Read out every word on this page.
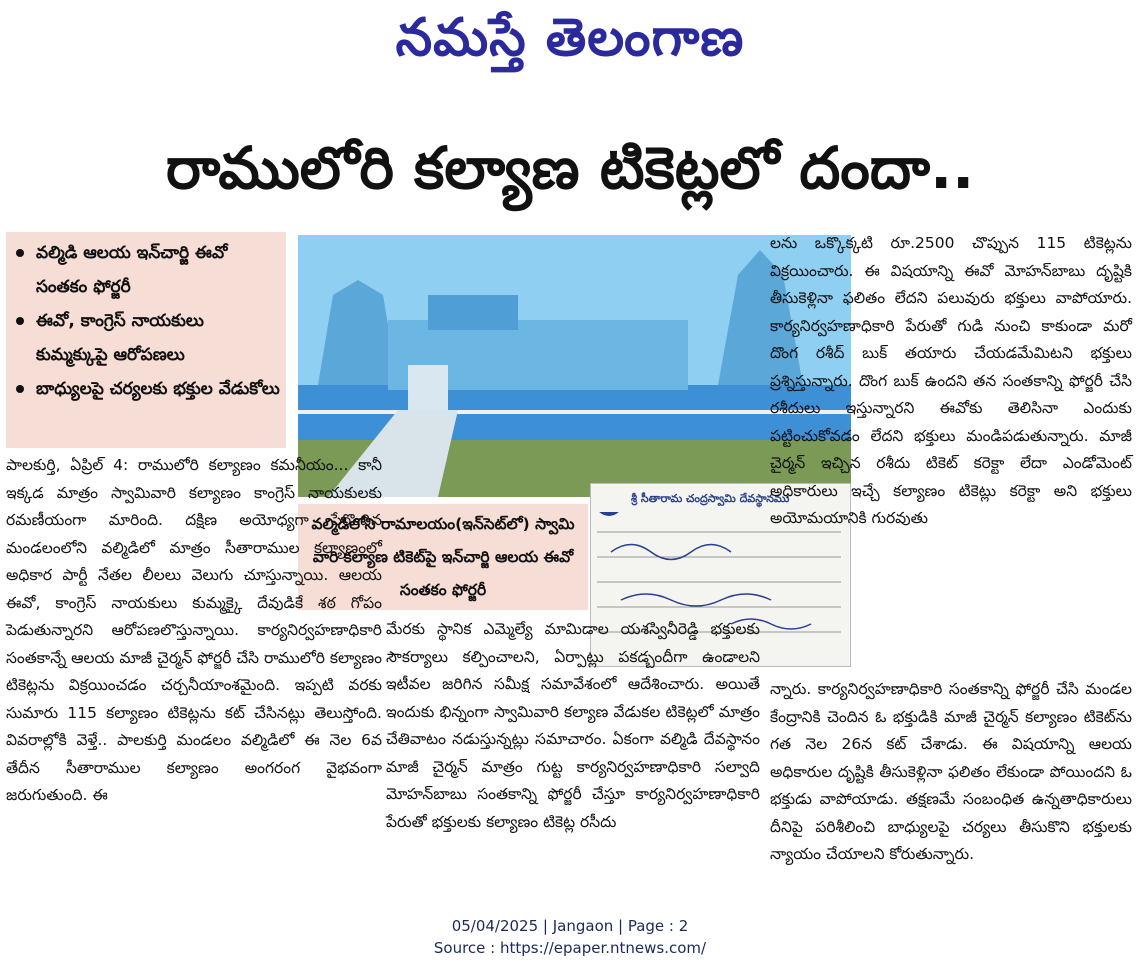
నమస్తే తెలంగాణ
రాములోరి కల్యాణ టికెట్లలో దందా..
వల్మిడి ఆలయ ఇన్‌చార్జి ఈవో సంతకం ఫోర్జరీ
ఈవో, కాంగ్రెస్ నాయకులు కుమ్మక్కుపై ఆరోపణలు
బాధ్యులపై చర్యలకు భక్తుల వేడుకోలు
వల్మిడిలోని రామాలయం(ఇన్‌సెట్‌లో) స్వామి వారి కల్యాణ టికెట్‌పై ఇన్‌చార్జి ఆలయ ఈవో సంతకం ఫోర్జరీ
శ్రీ సీతారామ చంద్రస్వామి దేవస్థానము
పాలకుర్తి, ఏప్రిల్ 4: రాములోరి కల్యాణం కమనీయం... కానీ ఇక్కడ మాత్రం స్వామివారి కల్యాణం కాంగ్రెస్ నాయకులకు రమణీయంగా మారింది. దక్షిణ అయోధ్యగా పేరొందిన మండలంలోని వల్మిడిలో మాత్రం సీతారాముల కల్యాణంలో అధికార పార్టీ నేతల లీలలు వెలుగు చూస్తున్నాయి. ఆలయ ఈవో, కాంగ్రెస్ నాయకులు కుమ్మక్కై దేవుడికే శఠ గోపం పెడుతున్నారని ఆరోపణలొస్తున్నాయి. కార్యనిర్వహణాధికారి సంతకాన్నే ఆలయ మాజీ చైర్మన్ ఫోర్జరీ చేసి రాములోరి కల్యాణం టికెట్లను విక్రయించడం చర్చనీయాంశమైంది. ఇప్పటి వరకు సుమారు 115 కల్యాణం టికెట్లను కట్ చేసినట్లు తెలుస్తోంది. వివరాల్లోకి వెళ్తే.. పాలకుర్తి మండలం వల్మిడిలో ఈ నెల 6వ తేదీన సీతారాముల కల్యాణం అంగరంగ వైభవంగా జరుగుతుంది. ఈ
మేరకు స్థానిక ఎమ్మెల్యే మామిడాల యశస్వినీరెడ్డి భక్తులకు సౌకర్యాలు కల్పించాలని, ఏర్పాట్లు పకడ్బందీగా ఉండాలని ఇటీవల జరిగిన సమీక్ష సమావేశంలో ఆదేశించారు. అయితే ఇందుకు భిన్నంగా స్వామివారి కల్యాణ వేడుకల టికెట్లలో మాత్రం చేతివాటం నడుస్తున్నట్లు సమాచారం. ఏకంగా వల్మిడి దేవస్థానం మాజీ చైర్మన్ మాత్రం గుట్ట కార్యనిర్వహణాధికారి సల్వాది మోహన్‌బాబు సంతకాన్ని ఫోర్జరీ చేస్తూ కార్యనిర్వహణాధికారి పేరుతో భక్తులకు కల్యాణం టికెట్ల రసీదు
లను ఒక్కొక్కటి రూ.2500 చొప్పున 115 టికెట్లను విక్రయించారు. ఈ విషయాన్ని ఈవో మోహన్‌బాబు దృష్టికి తీసుకెళ్లినా ఫలితం లేదని పలువురు భక్తులు వాపోయారు. కార్యనిర్వహణాధికారి పేరుతో గుడి నుంచి కాకుండా మరో దొంగ రశీద్ బుక్ తయారు చేయడమేమిటని భక్తులు ప్రశ్నిస్తున్నారు. దొంగ బుక్ ఉందని తన సంతకాన్ని ఫోర్జరీ చేసి రశీదులు ఇస్తున్నారని ఈవోకు తెలిసినా ఎందుకు పట్టించుకోవడం లేదని భక్తులు మండిపడుతున్నారు. మాజీ చైర్మన్ ఇచ్చిన రశీదు టికెట్ కరెక్టా లేదా ఎండోమెంట్ అధికారులు ఇచ్చే కల్యాణం టికెట్లు కరెక్టా అని భక్తులు అయోమయానికి గురవుతు
న్నారు. కార్యనిర్వహణాధికారి సంతకాన్ని ఫోర్జరీ చేసి మండల కేంద్రానికి చెందిన ఓ భక్తుడికి మాజీ చైర్మన్ కల్యాణం టికెట్‌ను గత నెల 26న కట్ చేశాడు. ఈ విషయాన్ని ఆలయ అధికారుల దృష్టికి తీసుకెళ్లినా ఫలితం లేకుండా పోయిందని ఓ భక్తుడు వాపోయాడు. తక్షణమే సంబంధిత ఉన్నతాధికారులు దీనిపై పరిశీలించి బాధ్యులపై చర్యలు తీసుకొని భక్తులకు న్యాయం చేయాలని కోరుతున్నారు.
05/04/2025 | Jangaon | Page : 2
Source : https://epaper.ntnews.com/
